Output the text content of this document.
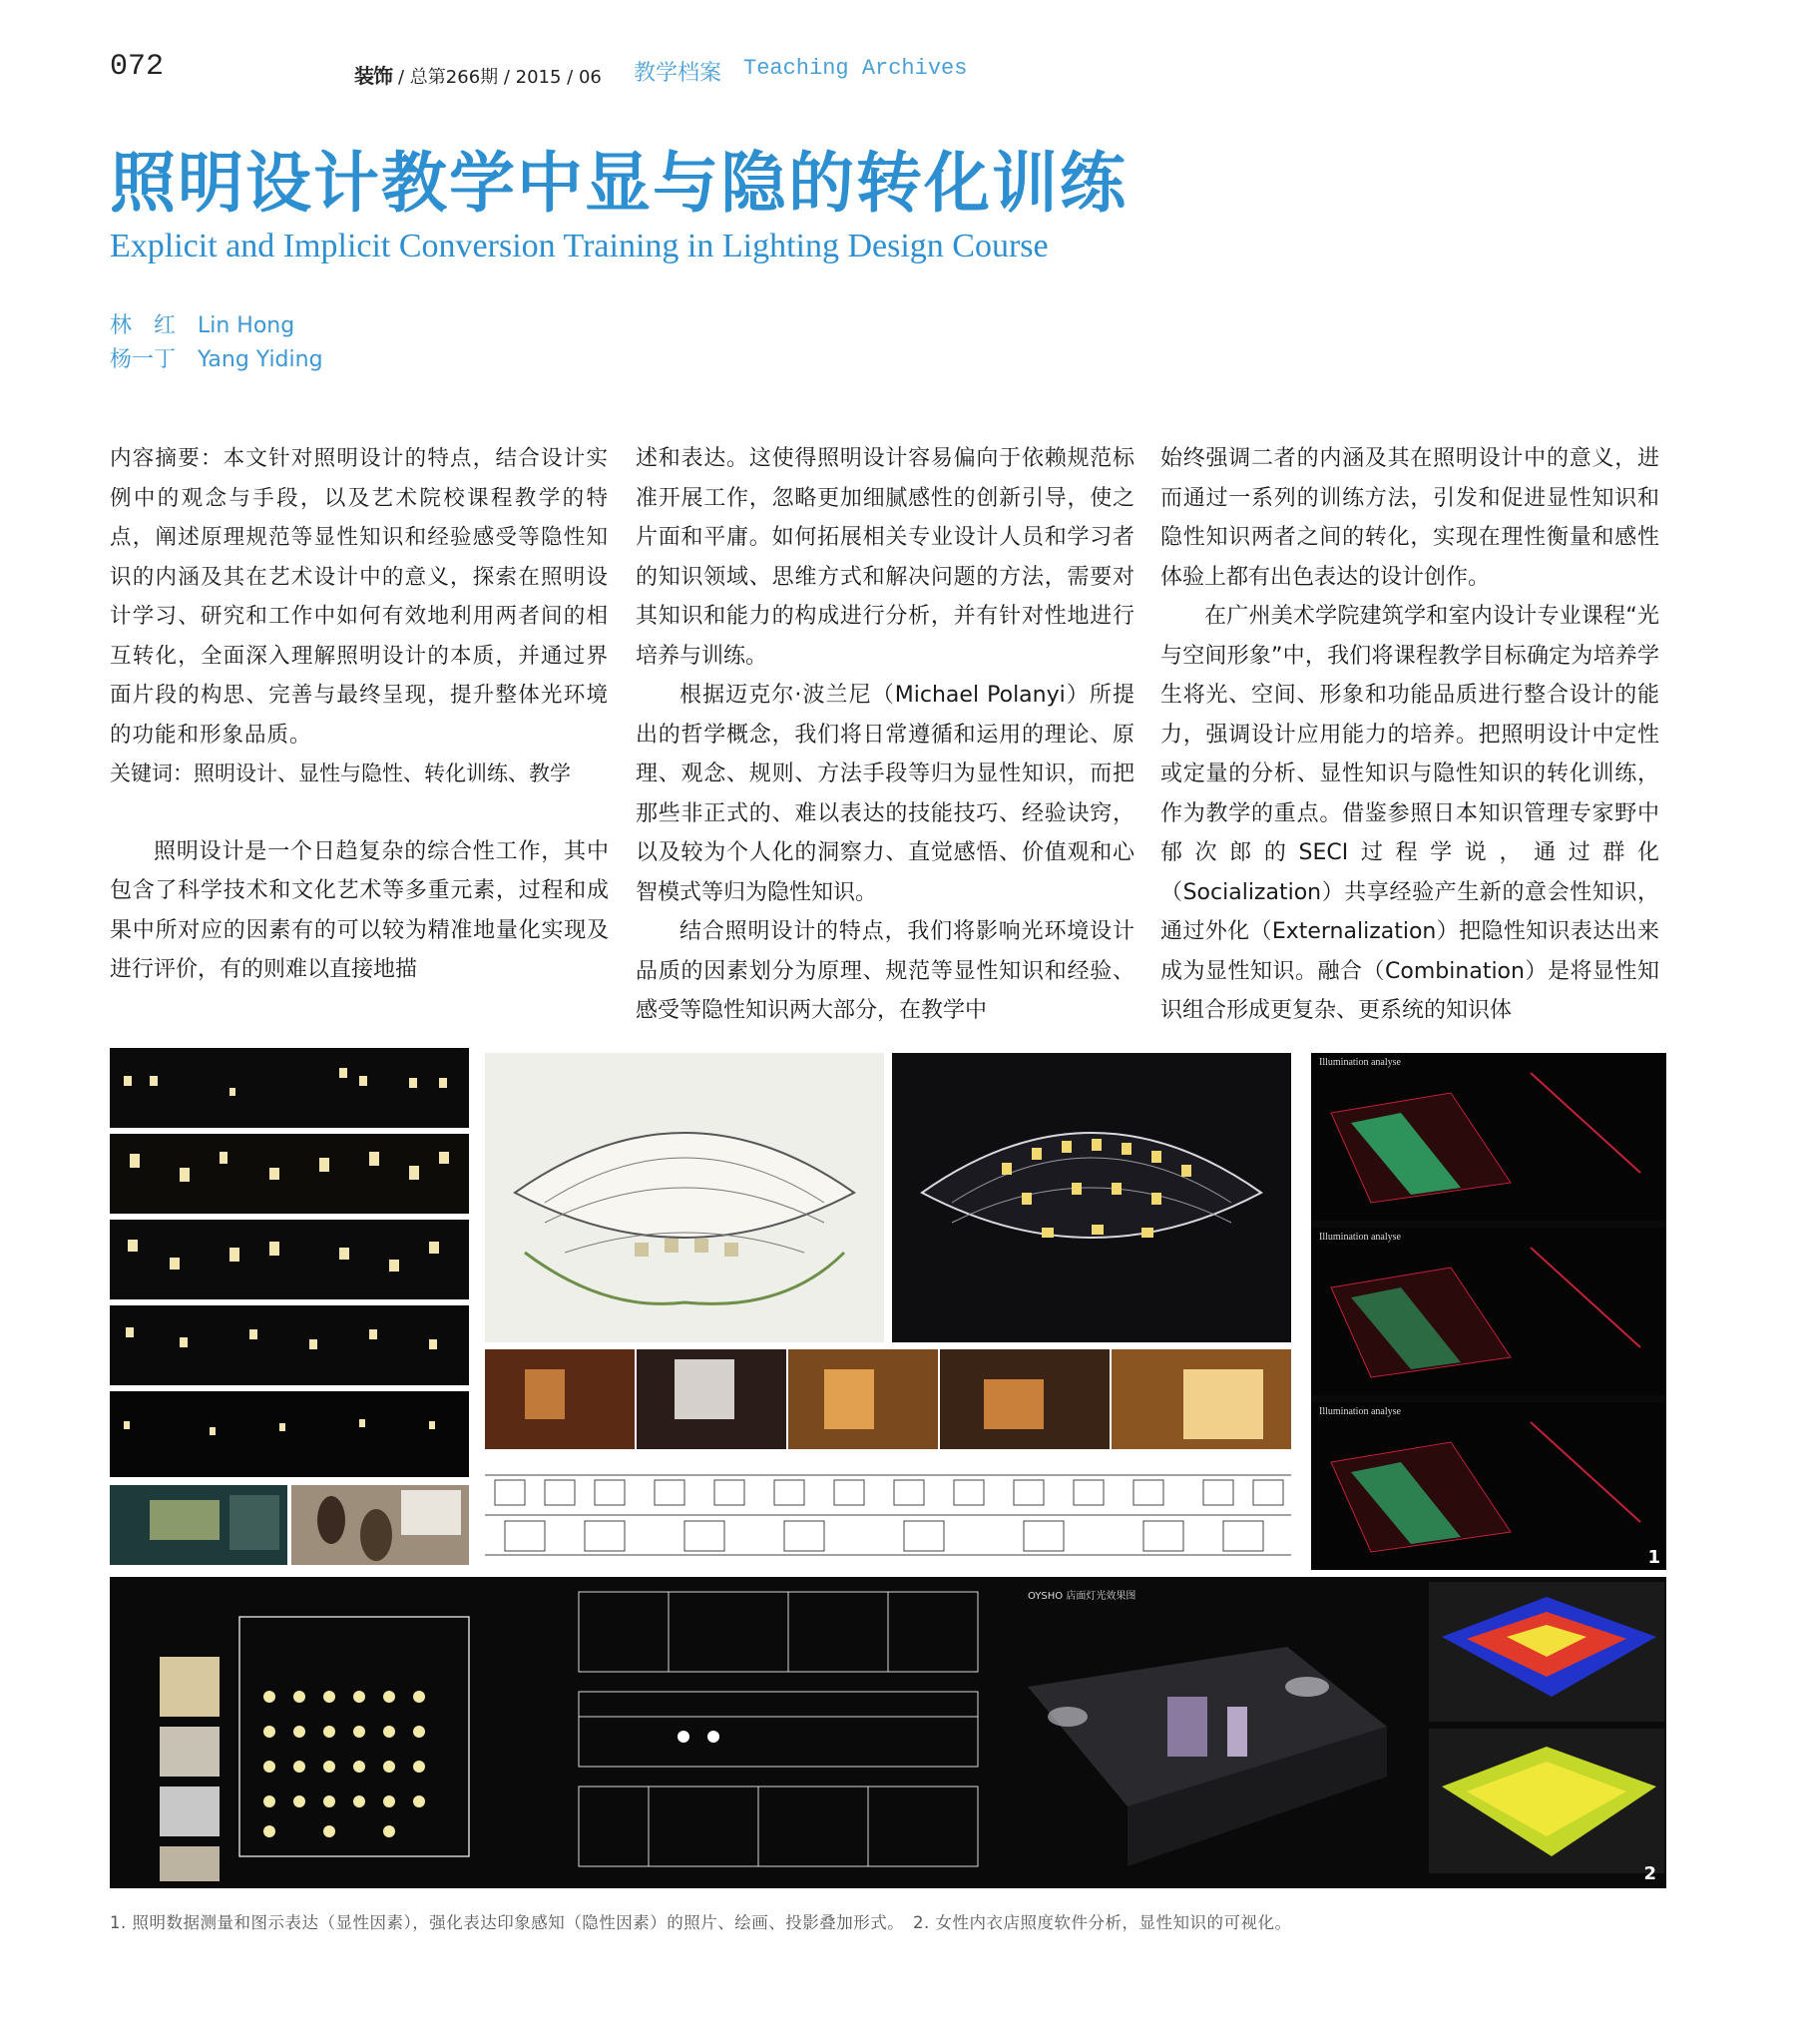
072	装饰 / 总第266期 / 2015 / 06 教学档案 Teaching Archives
照明设计教学中显与隐的转化训练
Explicit and Implicit Conversion Training in Lighting Design Course
林　红 Lin Hong
杨一丁 Yang Yiding

内容摘要：本文针对照明设计的特点，结合设计实例中的观念与手段，以及艺术院校课程教学的特点，阐述原理规范等显性知识和经验感受等隐性知识的内涵及其在艺术设计中的意义，探索在照明设计学习、研究和工作中如何有效地利用两者间的相互转化，全面深入理解照明设计的本质，并通过界面片段的构思、完善与最终呈现，提升整体光环境的功能和形象品质。

关键词：照明设计、显性与隐性、转化训练、教学

照明设计是一个日趋复杂的综合性工作，其中包含了科学技术和文化艺术等多重元素，过程和成果中所对应的因素有的可以较为精准地量化实现及进行评价，有的则难以直接地描

述和表达。这使得照明设计容易偏向于依赖规范标准开展工作，忽略更加细腻感性的创新引导，使之片面和平庸。如何拓展相关专业设计人员和学习者的知识领域、思维方式和解决问题的方法，需要对其知识和能力的构成进行分析，并有针对性地进行培养与训练。

根据迈克尔·波兰尼（Michael Polanyi）所提出的哲学概念，我们将日常遵循和运用的理论、原理、观念、规则、方法手段等归为显性知识，而把那些非正式的、难以表达的技能技巧、经验诀窍，以及较为个人化的洞察力、直觉感悟、价值观和心智模式等归为隐性知识。

结合照明设计的特点，我们将影响光环境设计品质的因素划分为原理、规范等显性知识和经验、感受等隐性知识两大部分，在教学中

始终强调二者的内涵及其在照明设计中的意义，进而通过一系列的训练方法，引发和促进显性知识和隐性知识两者之间的转化，实现在理性衡量和感性体验上都有出色表达的设计创作。

在广州美术学院建筑学和室内设计专业课程“光与空间形象”中，我们将课程教学目标确定为培养学生将光、空间、形象和功能品质进行整合设计的能力，强调设计应用能力的培养。把照明设计中定性或定量的分析、显性知识与隐性知识的转化训练，作为教学的重点。借鉴参照日本知识管理专家野中郁次郎的SECI过程学说，通过群化（Socialization）共享经验产生新的意会性知识，通过外化（Externalization）把隐性知识表达出来成为显性知识。融合（Combination）是将显性知识组合形成更复杂、更系统的知识体

Illumination analyse
Illumination analyse
Illumination analyse
1
OYSHO 店面灯光效果图
2
1. 照明数据测量和图示表达（显性因素），强化表达印象感知（隐性因素）的照片、绘画、投影叠加形式。　2. 女性内衣店照度软件分析，显性知识的可视化。
